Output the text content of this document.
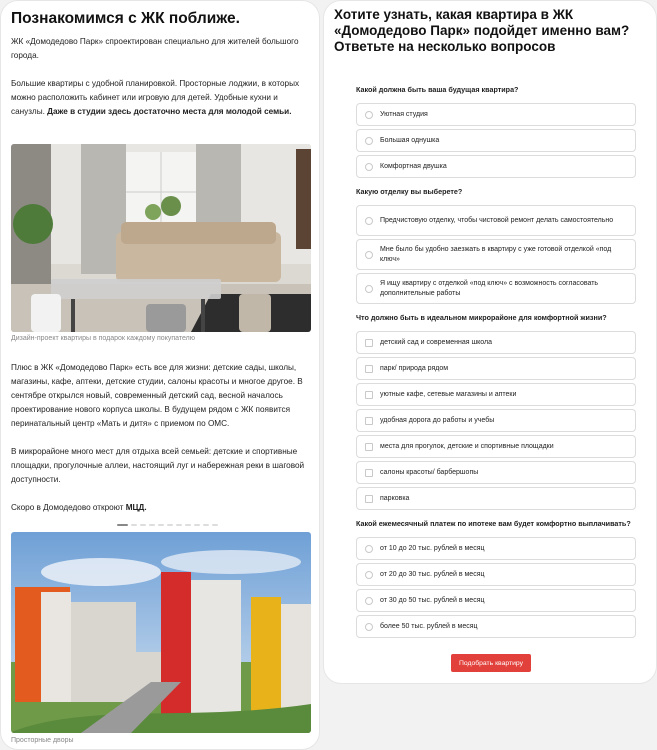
Познакомимся с ЖК поближе.

ЖК «Домодедово Парк» спроектирован специально для жителей большого города.

Большие квартиры с удобной планировкой. Просторные лоджии, в которых можно расположить кабинет или игровую для детей. Удобные кухни и санузлы. Даже в студии здесь достаточно места для молодой семьи.

Дизайн-проект квартиры в подарок каждому покупателю

Плюс в ЖК «Домодедово Парк» есть все для жизни: детские сады, школы, магазины, кафе, аптеки, детские студии, салоны красоты и многое другое. В сентябре открылся новый, современный детский сад, весной началось проектирование нового корпуса школы. В будущем рядом с ЖК появится перинатальный центр «Мать и дитя» с приемом по ОМС.

В микрорайоне много мест для отдыха всей семьей: детские и спортивные площадки, прогулочные аллеи, настоящий луг и набережная реки в шаговой доступности.

Скоро в Домодедово откроют МЦД.

Просторные дворы
Хотите узнать, какая квартира в ЖК «Домодедово Парк» подойдет именно вам? Ответьте на несколько вопросов
Какой должна быть ваша будущая квартира?
Уютная студия
Большая однушка
Комфортная двушка
Какую отделку вы выберете?
Предчистовую отделку, чтобы чистовой ремонт делать самостоятельно
Мне было бы удобно заезжать в квартиру с уже готовой отделкой «под ключ»
Я ищу квартиру с отделкой «под ключ» с возможность согласовать дополнительные работы
Что должно быть в идеальном микрорайоне для комфортной жизни?
детский сад и современная школа
парк/ природа рядом
уютные кафе, сетевые магазины и аптеки
удобная дорога до работы и учебы
места для прогулок, детские и спортивные площадки
салоны красоты/ барбершопы
парковка
Какой ежемесячный платеж по ипотеке вам будет комфортно выплачивать?
от 10 до 20 тыс. рублей в месяц
от 20 до 30 тыс. рублей в месяц
от 30 до 50 тыс. рублей в месяц
более 50 тыс. рублей в месяц
Подобрать квартиру
